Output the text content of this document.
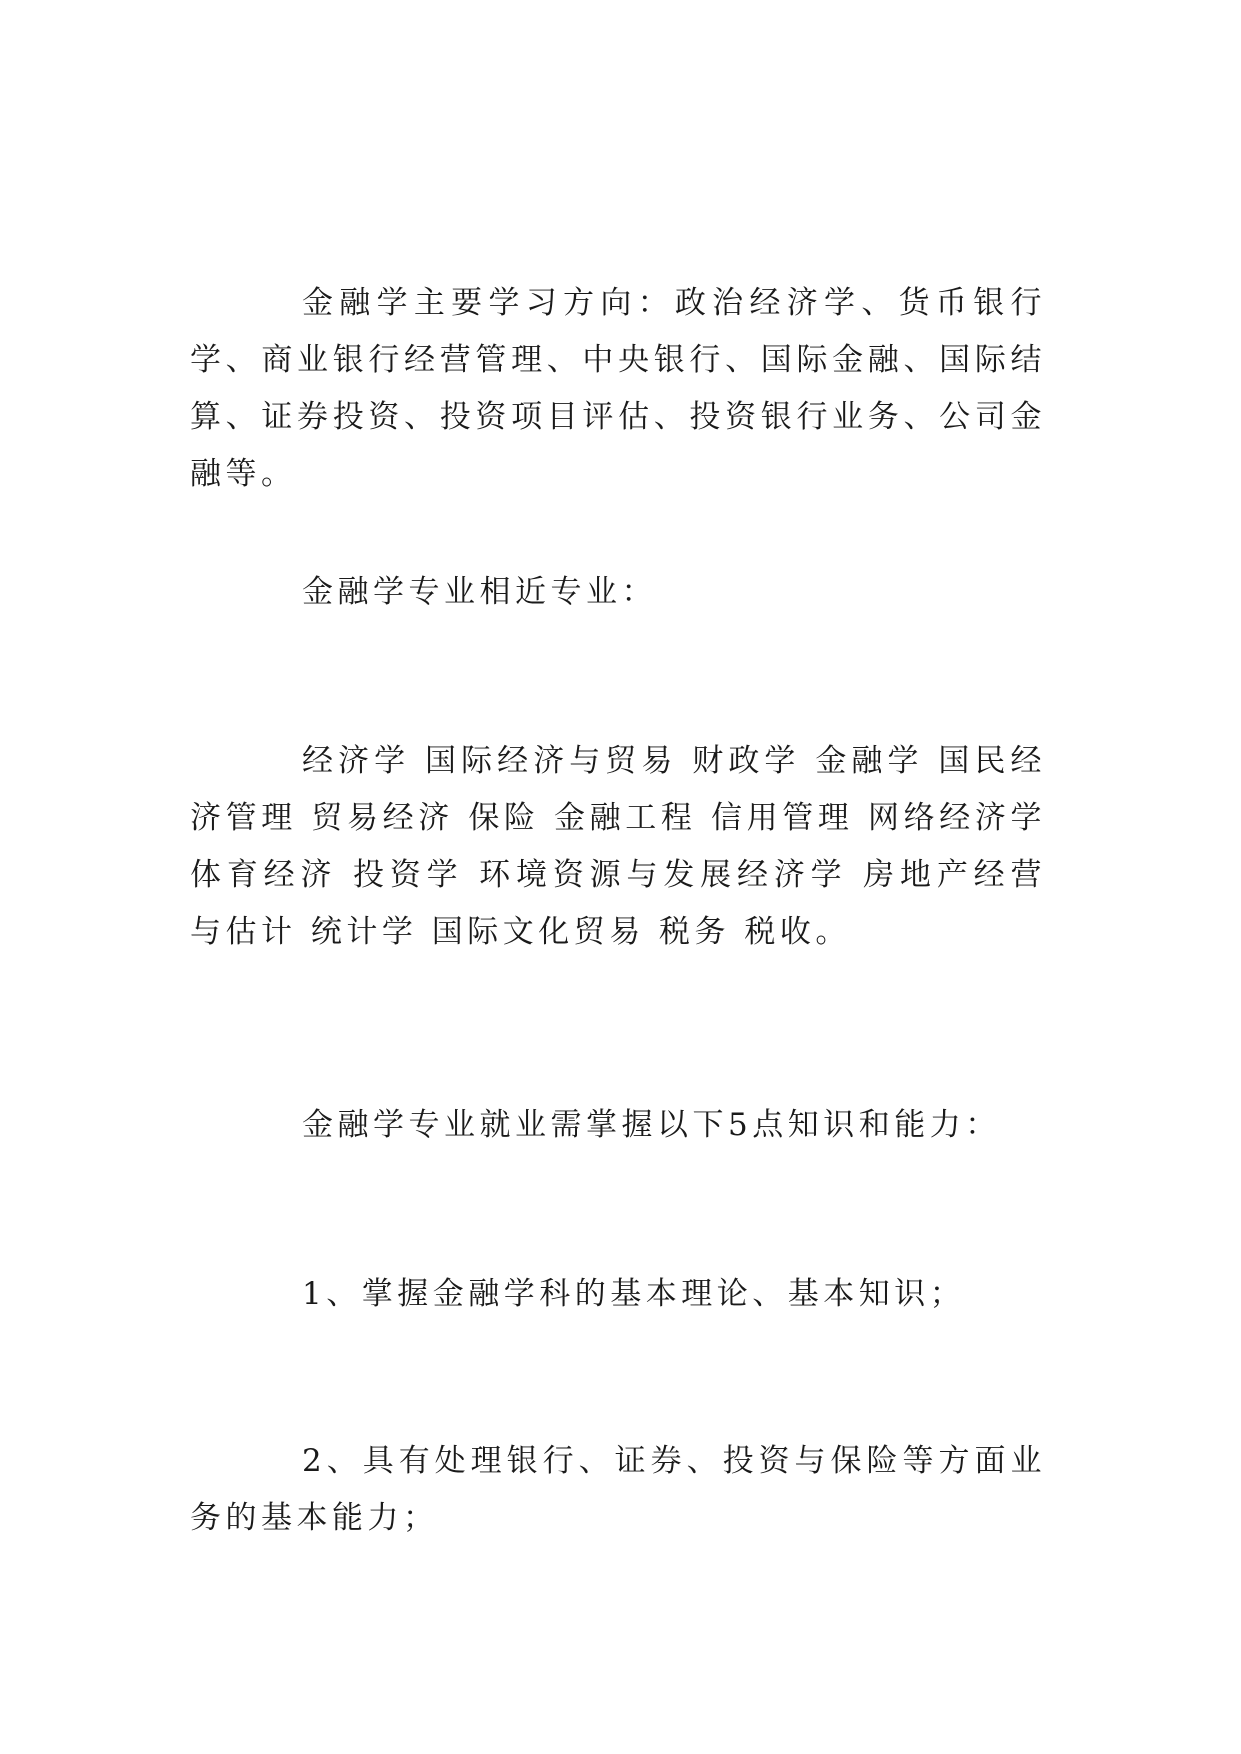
金融学主要学习方向：政治经济学、货币银行学、商业银行经营管理、中央银行、国际金融、国际结算、证券投资、投资项目评估、投资银行业务、公司金融等。

金融学专业相近专业：

经济学 国际经济与贸易 财政学 金融学 国民经济管理 贸易经济 保险 金融工程 信用管理 网络经济学 体育经济 投资学 环境资源与发展经济学 房地产经营与估计 统计学 国际文化贸易 税务 税收。

金融学专业就业需掌握以下5点知识和能力：

1、掌握金融学科的基本理论、基本知识；

2、具有处理银行、证券、投资与保险等方面业务的基本能力；
